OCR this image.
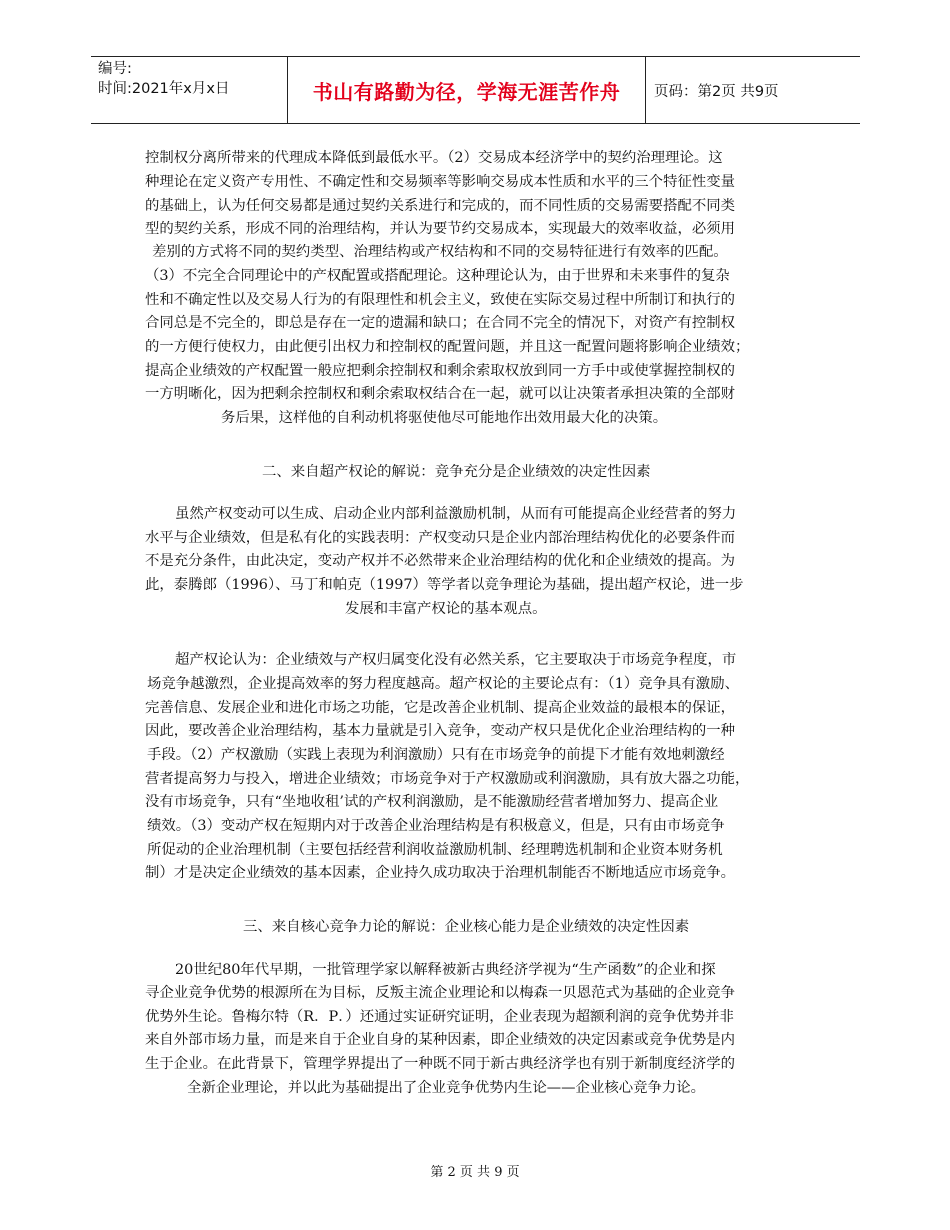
编号:
时间:2021年x月x日	书山有路勤为径，学海无涯苦作舟	页码：第2页 共9页
控制权分离所带来的代理成本降低到最低水平。（2）交易成本经济学中的契约治理理论。这
种理论在定义资产专用性、不确定性和交易频率等影响交易成本性质和水平的三个特征性变量
的基础上，认为任何交易都是通过契约关系进行和完成的，而不同性质的交易需要搭配不同类
型的契约关系，形成不同的治理结构，并认为要节约交易成本，实现最大的效率收益，必须用
差别的方式将不同的契约类型、治理结构或产权结构和不同的交易特征进行有效率的匹配。
（3）不完全合同理论中的产权配置或搭配理论。这种理论认为，由于世界和未来事件的复杂
性和不确定性以及交易人行为的有限理性和机会主义，致使在实际交易过程中所制订和执行的
合同总是不完全的，即总是存在一定的遗漏和缺口；在合同不完全的情况下，对资产有控制权
的一方便行使权力，由此便引出权力和控制权的配置问题，并且这一配置问题将影响企业绩效；
提高企业绩效的产权配置一般应把剩余控制权和剩余索取权放到同一方手中或使掌握控制权的
一方明晰化，因为把剩余控制权和剩余索取权结合在一起，就可以让决策者承担决策的全部财
务后果，这样他的自利动机将驱使他尽可能地作出效用最大化的决策。
二、来自超产权论的解说：竞争充分是企业绩效的决定性因素
虽然产权变动可以生成、启动企业内部利益激励机制，从而有可能提高企业经营者的努力
水平与企业绩效，但是私有化的实践表明：产权变动只是企业内部治理结构优化的必要条件而
不是充分条件，由此决定，变动产权并不必然带来企业治理结构的优化和企业绩效的提高。为
此，泰腾郎（1996）、马丁和帕克（1997）等学者以竞争理论为基础，提出超产权论，进一步
发展和丰富产权论的基本观点。
超产权论认为：企业绩效与产权归属变化没有必然关系，它主要取决于市场竞争程度，市
场竞争越激烈，企业提高效率的努力程度越高。超产权论的主要论点有：（1）竞争具有激励、
完善信息、发展企业和进化市场之功能，它是改善企业机制、提高企业效益的最根本的保证，
因此，要改善企业治理结构，基本力量就是引入竞争，变动产权只是优化企业治理结构的一种
手段。（2）产权激励（实践上表现为利润激励）只有在市场竞争的前提下才能有效地刺激经
营者提高努力与投入，增进企业绩效；市场竞争对于产权激励或利润激励，具有放大器之功能，
没有市场竞争，只有“坐地收租’试的产权利润激励，是不能激励经营者增加努力、提高企业
绩效。（3）变动产权在短期内对于改善企业治理结构是有积极意义，但是，只有由市场竞争
所促动的企业治理机制（主要包括经营利润收益激励机制、经理聘选机制和企业资本财务机
制）才是决定企业绩效的基本因素，企业持久成功取决于治理机制能否不断地适应市场竞争。
三、来自核心竞争力论的解说：企业核心能力是企业绩效的决定性因素
20世纪80年代早期，一批管理学家以解释被新古典经济学视为“生产函数”的企业和探
寻企业竞争优势的根源所在为目标，反叛主流企业理论和以梅森一贝恩范式为基础的企业竞争
优势外生论。鲁梅尔特（R．P．）还通过实证研究证明，企业表现为超额利润的竞争优势并非
来自外部市场力量，而是来自于企业自身的某种因素，即企业绩效的决定因素或竞争优势是内
生于企业。在此背景下，管理学界提出了一种既不同于新古典经济学也有别于新制度经济学的
全新企业理论，并以此为基础提出了企业竞争优势内生论——企业核心竞争力论。
第 2 页 共 9 页
